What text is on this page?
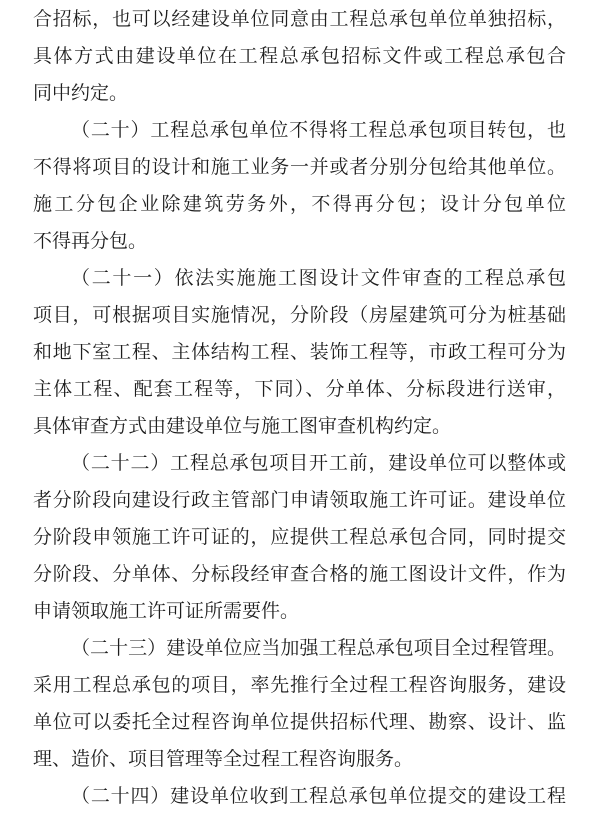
合招标，也可以经建设单位同意由工程总承包单位单独招标，
具体方式由建设单位在工程总承包招标文件或工程总承包合
同中约定。
（二十）工程总承包单位不得将工程总承包项目转包，也
不得将项目的设计和施工业务一并或者分别分包给其他单位。
施工分包企业除建筑劳务外，不得再分包；设计分包单位
不得再分包。
（二十一）依法实施施工图设计文件审查的工程总承包
项目，可根据项目实施情况，分阶段（房屋建筑可分为桩基础
和地下室工程、主体结构工程、装饰工程等，市政工程可分为
主体工程、配套工程等，下同）、分单体、分标段进行送审，
具体审查方式由建设单位与施工图审查机构约定。
（二十二）工程总承包项目开工前，建设单位可以整体或
者分阶段向建设行政主管部门申请领取施工许可证。建设单位
分阶段申领施工许可证的，应提供工程总承包合同，同时提交
分阶段、分单体、分标段经审查合格的施工图设计文件，作为
申请领取施工许可证所需要件。
（二十三）建设单位应当加强工程总承包项目全过程管理。
采用工程总承包的项目，率先推行全过程工程咨询服务，建设
单位可以委托全过程咨询单位提供招标代理、勘察、设计、监
理、造价、项目管理等全过程工程咨询服务。
（二十四）建设单位收到工程总承包单位提交的建设工程
